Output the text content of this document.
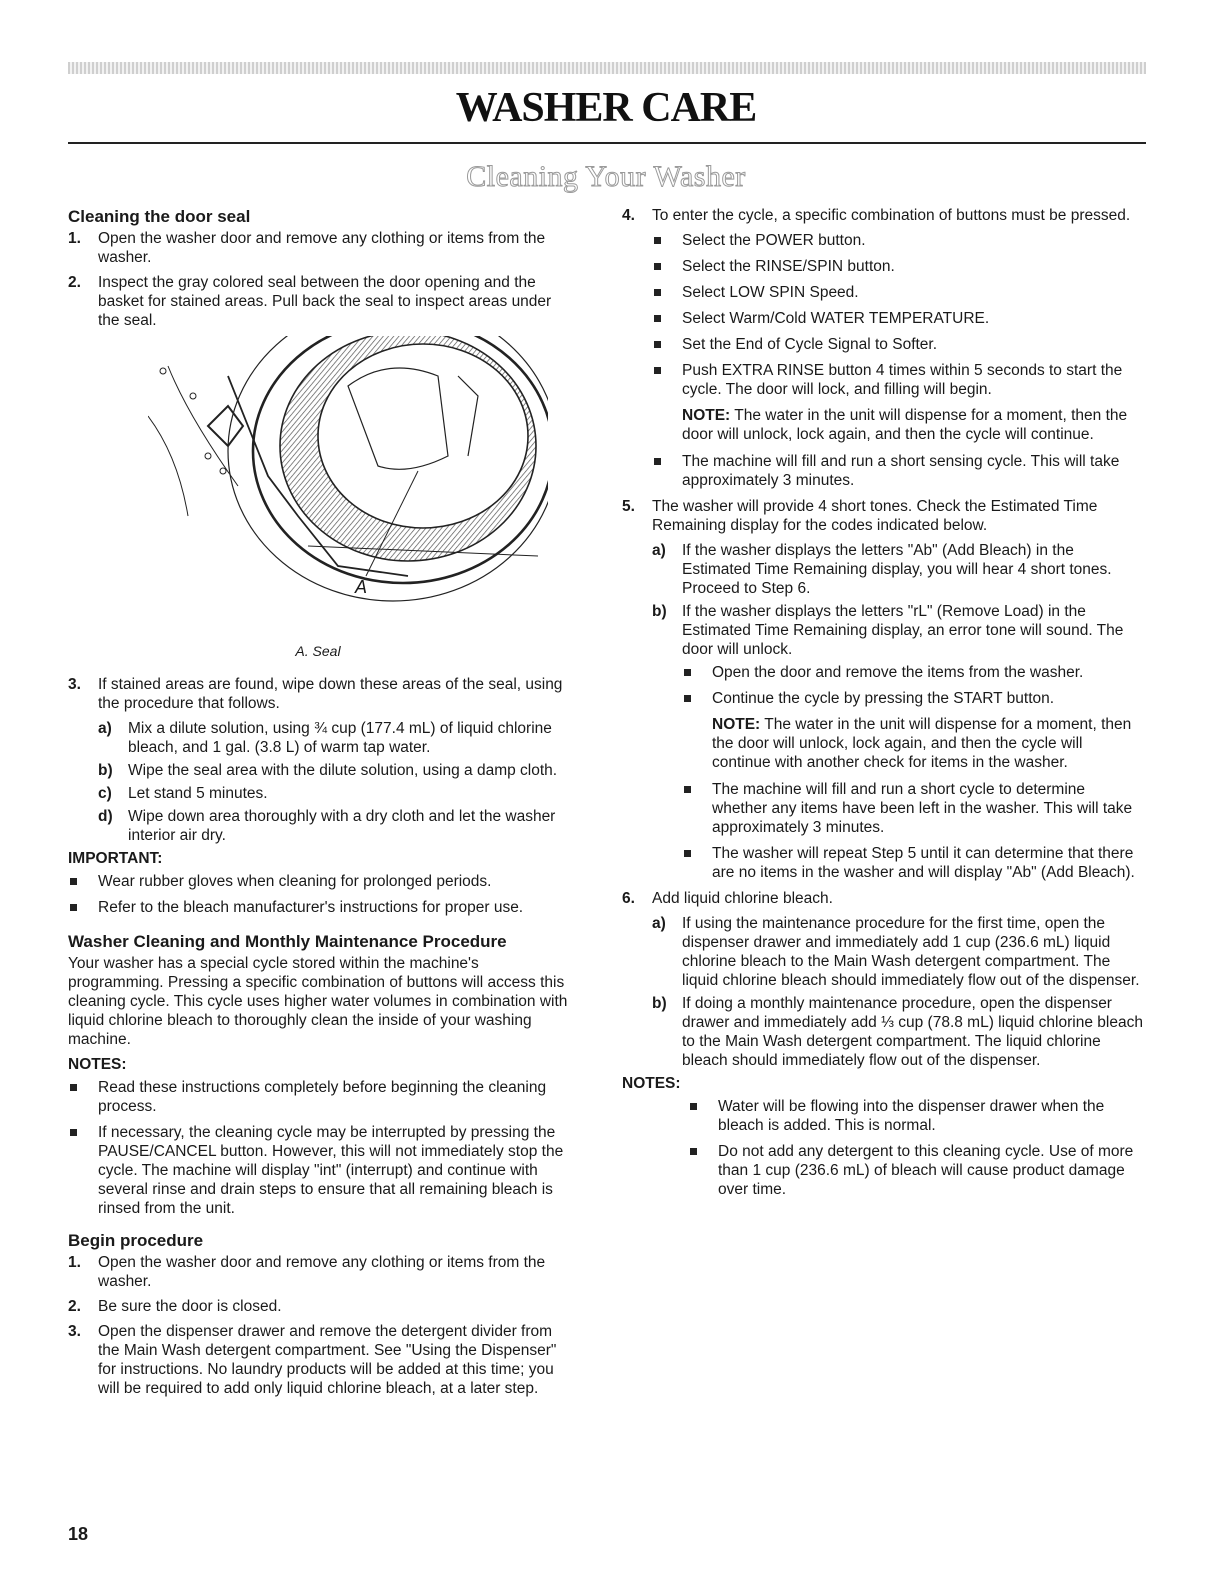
WASHER CARE
Cleaning Your Washer
Cleaning the door seal
1. Open the washer door and remove any clothing or items from the washer.
2. Inspect the gray colored seal between the door opening and the basket for stained areas. Pull back the seal to inspect areas under the seal.
A
A. Seal
3. If stained areas are found, wipe down these areas of the seal, using the procedure that follows.
a) Mix a dilute solution, using ¾ cup (177.4 mL) of liquid chlorine bleach, and 1 gal. (3.8 L) of warm tap water.
b) Wipe the seal area with the dilute solution, using a damp cloth.
c) Let stand 5 minutes.
d) Wipe down area thoroughly with a dry cloth and let the washer interior air dry.
IMPORTANT:
Wear rubber gloves when cleaning for prolonged periods.
Refer to the bleach manufacturer's instructions for proper use.
Washer Cleaning and Monthly Maintenance Procedure
Your washer has a special cycle stored within the machine's programming. Pressing a specific combination of buttons will access this cleaning cycle. This cycle uses higher water volumes in combination with liquid chlorine bleach to thoroughly clean the inside of your washing machine.
NOTES:
Read these instructions completely before beginning the cleaning process.
If necessary, the cleaning cycle may be interrupted by pressing the PAUSE/CANCEL button. However, this will not immediately stop the cycle. The machine will display "int" (interrupt) and continue with several rinse and drain steps to ensure that all remaining bleach is rinsed from the unit.
Begin procedure
1. Open the washer door and remove any clothing or items from the washer.
2. Be sure the door is closed.
3. Open the dispenser drawer and remove the detergent divider from the Main Wash detergent compartment. See "Using the Dispenser" for instructions. No laundry products will be added at this time; you will be required to add only liquid chlorine bleach, at a later step.
4. To enter the cycle, a specific combination of buttons must be pressed.
Select the POWER button.
Select the RINSE/SPIN button.
Select LOW SPIN Speed.
Select Warm/Cold WATER TEMPERATURE.
Set the End of Cycle Signal to Softer.
Push EXTRA RINSE button 4 times within 5 seconds to start the cycle. The door will lock, and filling will begin.
NOTE: The water in the unit will dispense for a moment, then the door will unlock, lock again, and then the cycle will continue.
The machine will fill and run a short sensing cycle. This will take approximately 3 minutes.
5. The washer will provide 4 short tones. Check the Estimated Time Remaining display for the codes indicated below.
a) If the washer displays the letters "Ab" (Add Bleach) in the Estimated Time Remaining display, you will hear 4 short tones. Proceed to Step 6.
b) If the washer displays the letters "rL" (Remove Load) in the Estimated Time Remaining display, an error tone will sound. The door will unlock.
Open the door and remove the items from the washer.
Continue the cycle by pressing the START button.
NOTE: The water in the unit will dispense for a moment, then the door will unlock, lock again, and then the cycle will continue with another check for items in the washer.
The machine will fill and run a short cycle to determine whether any items have been left in the washer. This will take approximately 3 minutes.
The washer will repeat Step 5 until it can determine that there are no items in the washer and will display "Ab" (Add Bleach).
6. Add liquid chlorine bleach.
a) If using the maintenance procedure for the first time, open the dispenser drawer and immediately add 1 cup (236.6 mL) liquid chlorine bleach to the Main Wash detergent compartment. The liquid chlorine bleach should immediately flow out of the dispenser.
b) If doing a monthly maintenance procedure, open the dispenser drawer and immediately add ⅓ cup (78.8 mL) liquid chlorine bleach to the Main Wash detergent compartment. The liquid chlorine bleach should immediately flow out of the dispenser.
NOTES:
Water will be flowing into the dispenser drawer when the bleach is added. This is normal.
Do not add any detergent to this cleaning cycle. Use of more than 1 cup (236.6 mL) of bleach will cause product damage over time.
18
